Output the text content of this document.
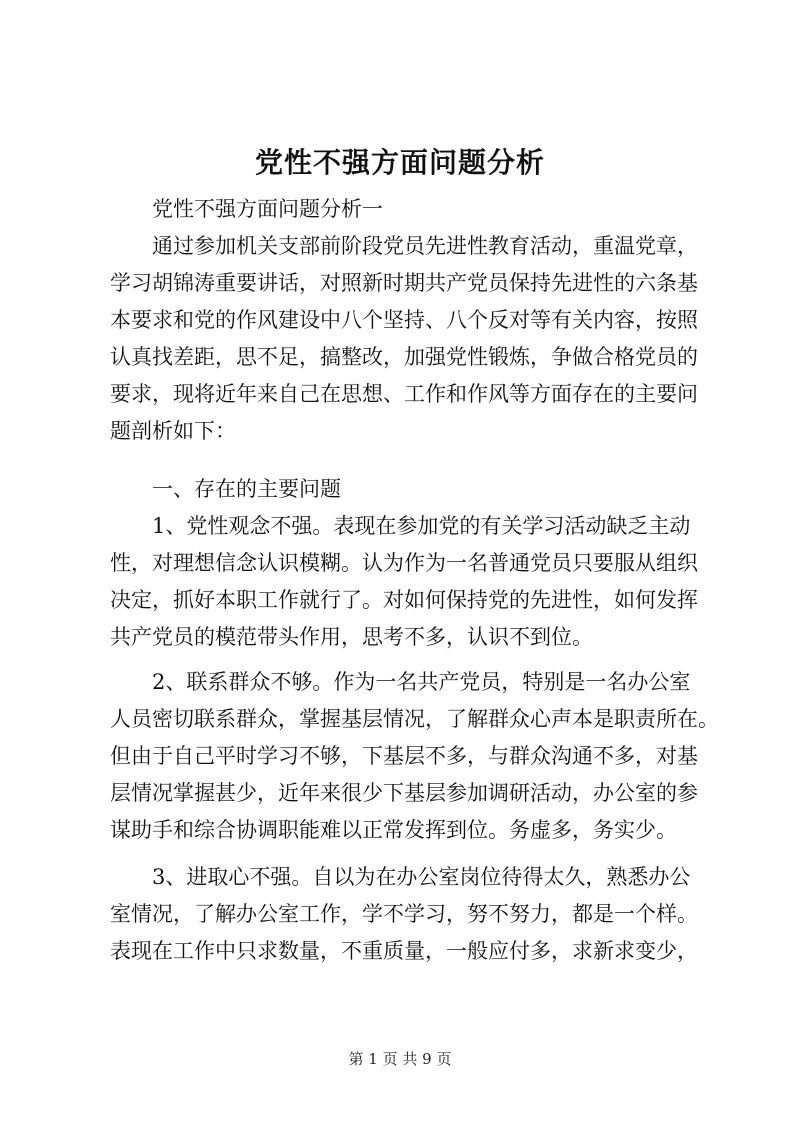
党性不强方面问题分析
党性不强方面问题分析一
通过参加机关支部前阶段党员先进性教育活动，重温党章，
学习胡锦涛重要讲话，对照新时期共产党员保持先进性的六条基
本要求和党的作风建设中八个坚持、八个反对等有关内容，按照
认真找差距，思不足，搞整改，加强党性锻炼，争做合格党员的
要求，现将近年来自己在思想、工作和作风等方面存在的主要问
题剖析如下：
一、存在的主要问题
1、党性观念不强。表现在参加党的有关学习活动缺乏主动
性，对理想信念认识模糊。认为作为一名普通党员只要服从组织
决定，抓好本职工作就行了。对如何保持党的先进性，如何发挥
共产党员的模范带头作用，思考不多，认识不到位。
2、联系群众不够。作为一名共产党员，特别是一名办公室
人员密切联系群众，掌握基层情况，了解群众心声本是职责所在。
但由于自己平时学习不够，下基层不多，与群众沟通不多，对基
层情况掌握甚少，近年来很少下基层参加调研活动，办公室的参
谋助手和综合协调职能难以正常发挥到位。务虚多，务实少。
3、进取心不强。自以为在办公室岗位待得太久，熟悉办公
室情况，了解办公室工作，学不学习，努不努力，都是一个样。
表现在工作中只求数量，不重质量，一般应付多，求新求变少，
第 1 页 共 9 页
